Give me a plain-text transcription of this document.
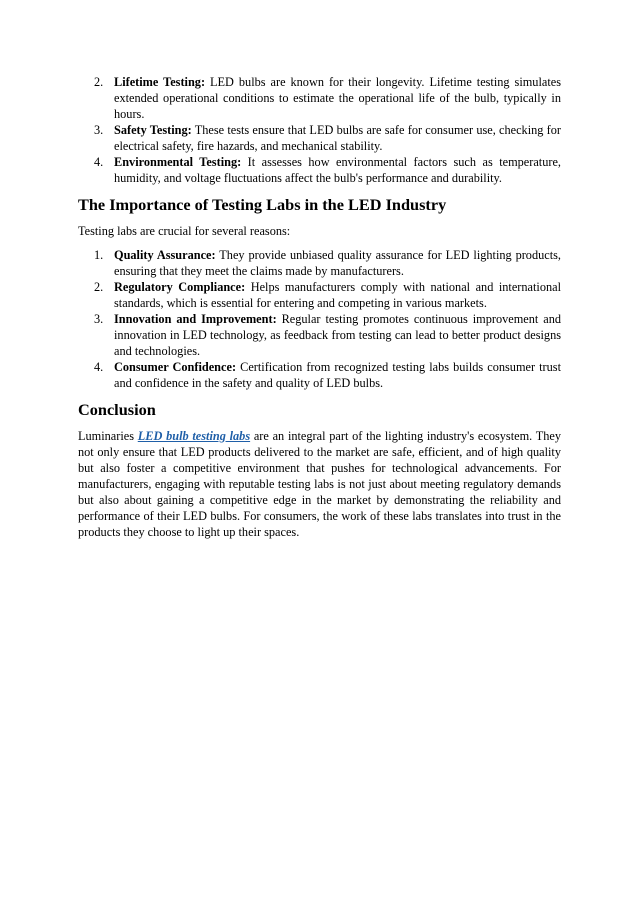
2. Lifetime Testing: LED bulbs are known for their longevity. Lifetime testing simulates extended operational conditions to estimate the operational life of the bulb, typically in hours.
3. Safety Testing: These tests ensure that LED bulbs are safe for consumer use, checking for electrical safety, fire hazards, and mechanical stability.
4. Environmental Testing: It assesses how environmental factors such as temperature, humidity, and voltage fluctuations affect the bulb's performance and durability.
The Importance of Testing Labs in the LED Industry
Testing labs are crucial for several reasons:
1. Quality Assurance: They provide unbiased quality assurance for LED lighting products, ensuring that they meet the claims made by manufacturers.
2. Regulatory Compliance: Helps manufacturers comply with national and international standards, which is essential for entering and competing in various markets.
3. Innovation and Improvement: Regular testing promotes continuous improvement and innovation in LED technology, as feedback from testing can lead to better product designs and technologies.
4. Consumer Confidence: Certification from recognized testing labs builds consumer trust and confidence in the safety and quality of LED bulbs.
Conclusion

Luminaries LED bulb testing labs are an integral part of the lighting industry's ecosystem. They not only ensure that LED products delivered to the market are safe, efficient, and of high quality but also foster a competitive environment that pushes for technological advancements. For manufacturers, engaging with reputable testing labs is not just about meeting regulatory demands but also about gaining a competitive edge in the market by demonstrating the reliability and performance of their LED bulbs. For consumers, the work of these labs translates into trust in the products they choose to light up their spaces.
